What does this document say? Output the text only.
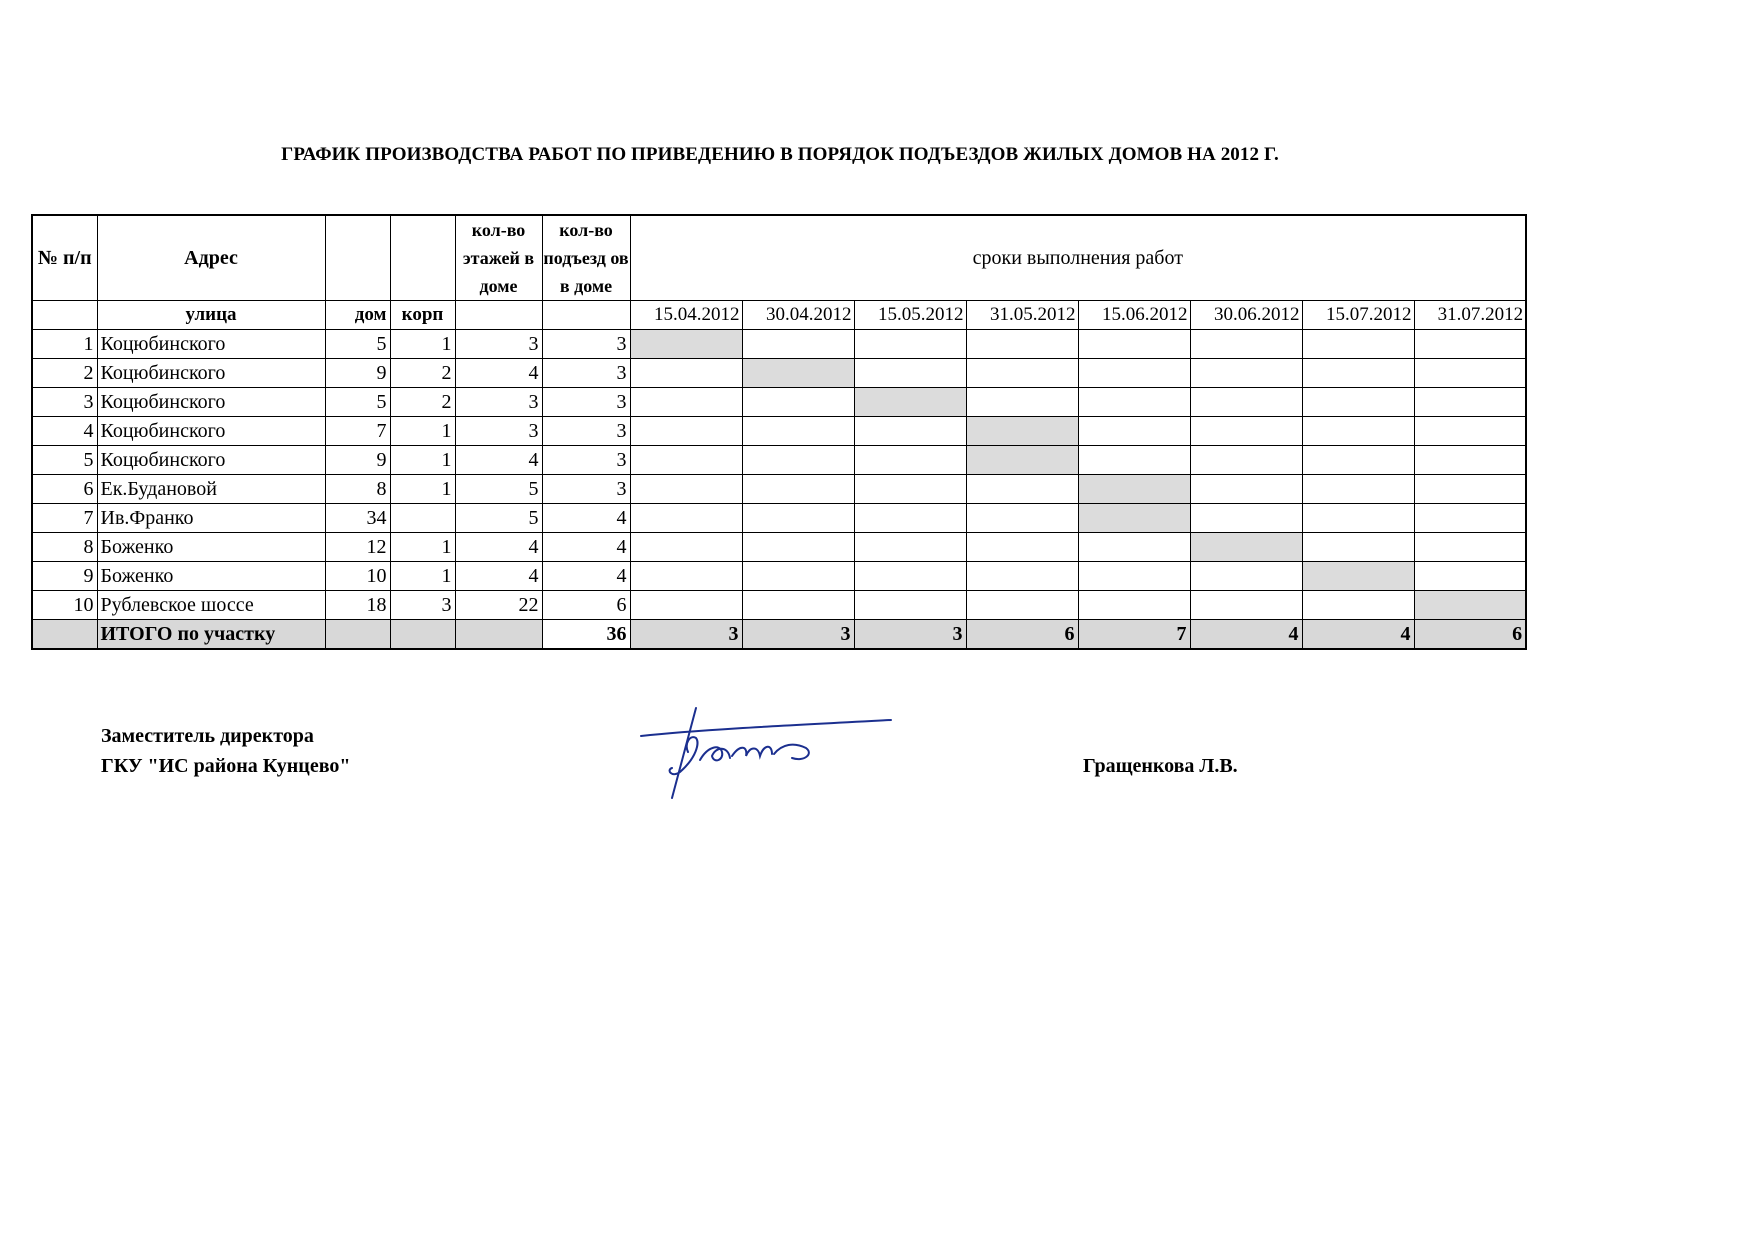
ГРАФИК ПРОИЗВОДСТВА РАБОТ ПО ПРИВЕДЕНИЮ В ПОРЯДОК ПОДЪЕЗДОВ ЖИЛЫХ ДОМОВ НА 2012 Г.
№ п/п	Адрес			кол-во этажей в доме	кол-во подъезд ов в доме	сроки выполнения работ							
	улица	дом	корп			15.04.2012	30.04.2012	15.05.2012	31.05.2012	15.06.2012	30.06.2012	15.07.2012	31.07.2012
1	Коцюбинского	5	1	3	3								
2	Коцюбинского	9	2	4	3								
3	Коцюбинского	5	2	3	3								
4	Коцюбинского	7	1	3	3								
5	Коцюбинского	9	1	4	3								
6	Ек.Будановой	8	1	5	3								
7	Ив.Франко	34		5	4								
8	Боженко	12	1	4	4								
9	Боженко	10	1	4	4								
10	Рублевское шоссе	18	3	22	6								
	ИТОГО по участку				36	3	3	3	6	7	4	4	6
Заместитель директора
ГКУ "ИС района Кунцево"	Гращенкова Л.В.
